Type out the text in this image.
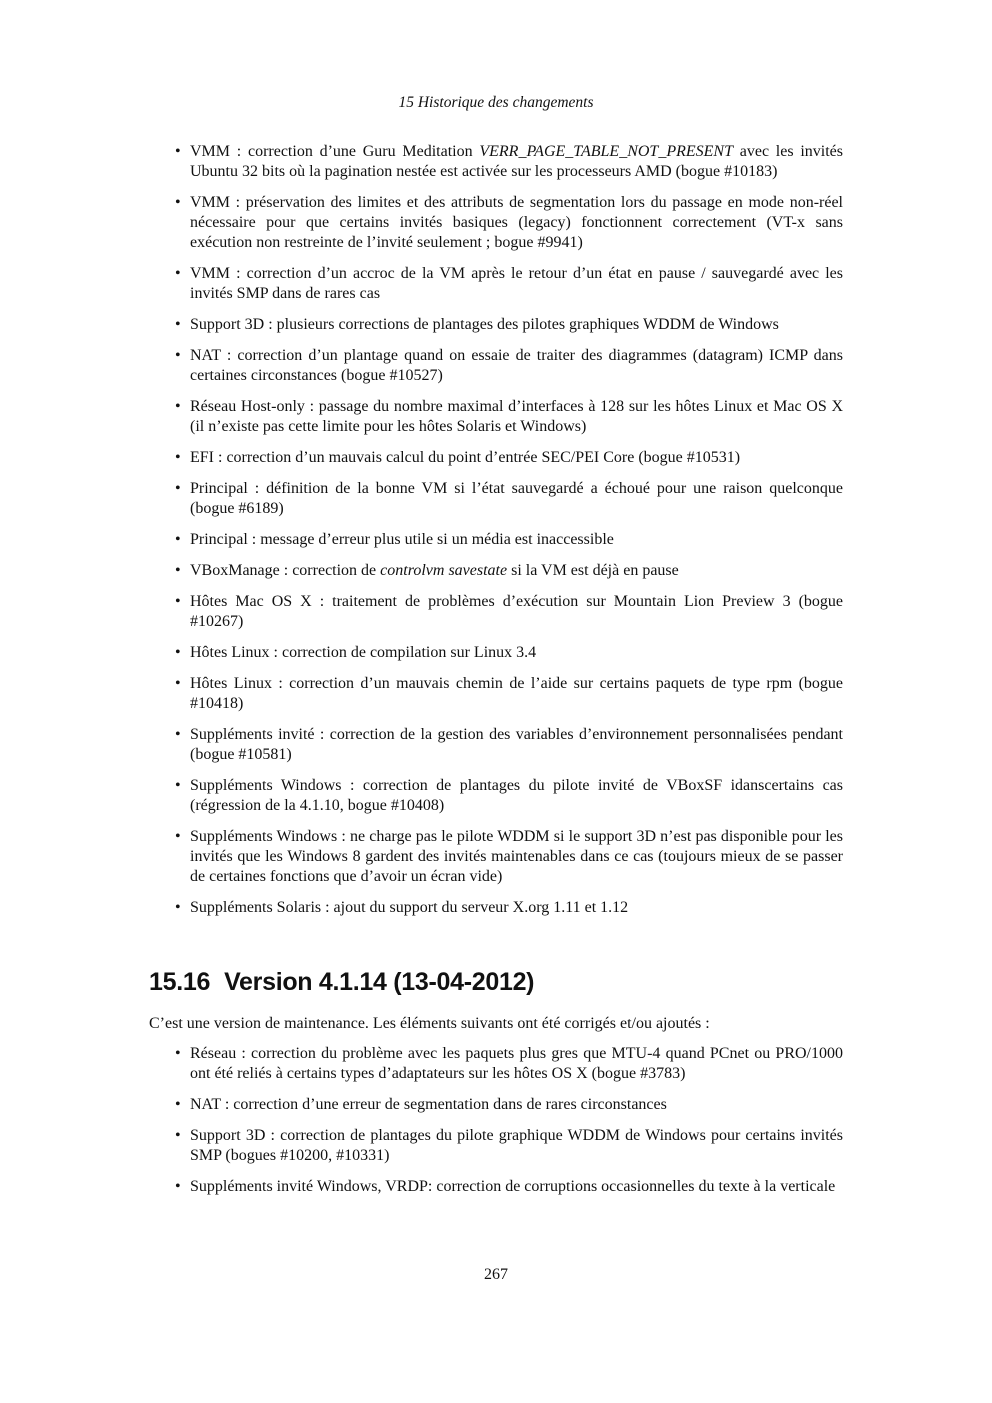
15 Historique des changements
• VMM : correction d’une Guru Meditation VERR_PAGE_TABLE_NOT_PRESENT avec les invités Ubuntu 32 bits où la pagination nestée est activée sur les processeurs AMD (bogue #10183)
• VMM : préservation des limites et des attributs de segmentation lors du passage en mode non-réel nécessaire pour que certains invités basiques (legacy) fonctionnent correctement (VT-x sans exécution non restreinte de l’invité seulement ; bogue #9941)
• VMM : correction d’un accroc de la VM après le retour d’un état en pause / sauvegardé avec les invités SMP dans de rares cas
• Support 3D : plusieurs corrections de plantages des pilotes graphiques WDDM de Windows
• NAT : correction d’un plantage quand on essaie de traiter des diagrammes (datagram) ICMP dans certaines circonstances (bogue #10527)
• Réseau Host-only : passage du nombre maximal d’interfaces à 128 sur les hôtes Linux et Mac OS X (il n’existe pas cette limite pour les hôtes Solaris et Windows)
• EFI : correction d’un mauvais calcul du point d’entrée SEC/PEI Core (bogue #10531)
• Principal : définition de la bonne VM si l’état sauvegardé a échoué pour une raison quelconque (bogue #6189)
• Principal : message d’erreur plus utile si un média est inaccessible
• VBoxManage : correction de controlvm savestate si la VM est déjà en pause
• Hôtes Mac OS X : traitement de problèmes d’exécution sur Mountain Lion Preview 3 (bogue #10267)
• Hôtes Linux : correction de compilation sur Linux 3.4
• Hôtes Linux : correction d’un mauvais chemin de l’aide sur certains paquets de type rpm (bogue #10418)
• Suppléments invité : correction de la gestion des variables d’environnement personnalisées pendant (bogue #10581)
• Suppléments Windows : correction de plantages du pilote invité de VBoxSF idanscertains cas (régression de la 4.1.10, bogue #10408)
• Suppléments Windows : ne charge pas le pilote WDDM si le support 3D n’est pas disponible pour les invités que les Windows 8 gardent des invités maintenables dans ce cas (toujours mieux de se passer de certaines fonctions que d’avoir un écran vide)
• Suppléments Solaris : ajout du support du serveur X.org 1.11 et 1.12
15.16 Version 4.1.14 (13-04-2012)
C’est une version de maintenance. Les éléments suivants ont été corrigés et/ou ajoutés :
• Réseau : correction du problème avec les paquets plus gres que MTU-4 quand PCnet ou PRO/1000 ont été reliés à certains types d’adaptateurs sur les hôtes OS X (bogue #3783)
• NAT : correction d’une erreur de segmentation dans de rares circonstances
• Support 3D : correction de plantages du pilote graphique WDDM de Windows pour certains invités SMP (bogues #10200, #10331)
• Suppléments invité Windows, VRDP: correction de corruptions occasionnelles du texte à la verticale
267
